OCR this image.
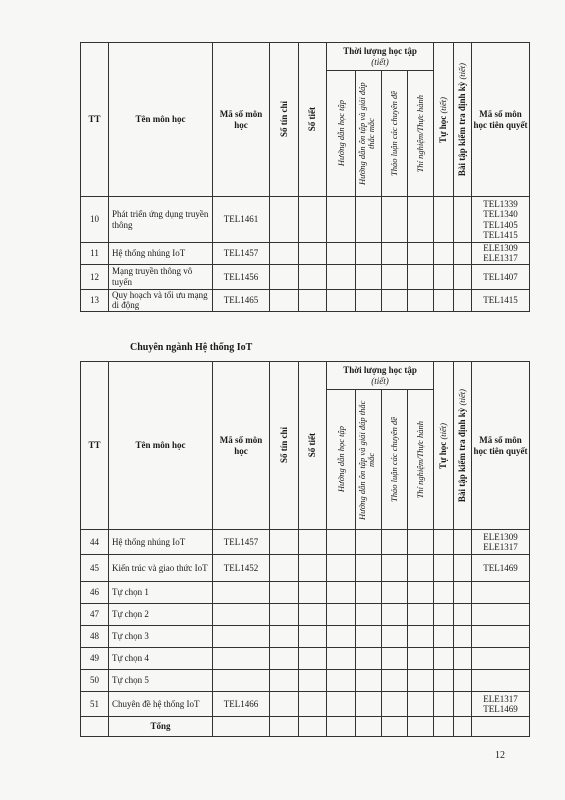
TT	Tên môn học	Mã số môn học	Số tín chỉ	Số tiết	Thời lượng học tập
(tiết)				Tự học (tiết)	Bài tập kiểm tra định kỳ (tiết)	Mã số môn học tiên quyết

					Hướng dẫn học tập	Hướng dẫn ôn tập và giải đáp thắc mắc	Thảo luận các chuyên đề	Thí nghiệm/Thực hành			

10	Phát triển ứng dụng truyền thông	TEL1461									TEL1339
TEL1340
TEL1405
TEL1415

11	Hệ thống nhúng IoT	TEL1457									ELE1309
ELE1317

12	Mạng truyền thông vô tuyến	TEL1456									TEL1407

13	Quy hoạch và tối ưu mạng di động	TEL1465									TEL1415
Chuyên ngành Hệ thống IoT
TT	Tên môn học	Mã số môn học	Số tín chỉ	Số tiết	Thời lượng học tập
(tiết)				Tự học (tiết)	Bài tập kiểm tra định kỳ (tiết)	Mã số môn học tiên quyết

					Hướng dẫn học tập	Hướng dẫn ôn tập và giải đáp thắc mắc	Thảo luận các chuyên đề	Thí nghiệm/Thực hành			

44	Hệ thống nhúng IoT	TEL1457									ELE1309
ELE1317

45	Kiến trúc và giao thức IoT	TEL1452									TEL1469

46	Tự chọn 1										
47	Tự chọn 2										
48	Tự chọn 3										
49	Tự chọn 4										
50	Tự chọn 5										
51	Chuyên đề hệ thống IoT	TEL1466									ELE1317
TEL1469

	Tổng										
12
